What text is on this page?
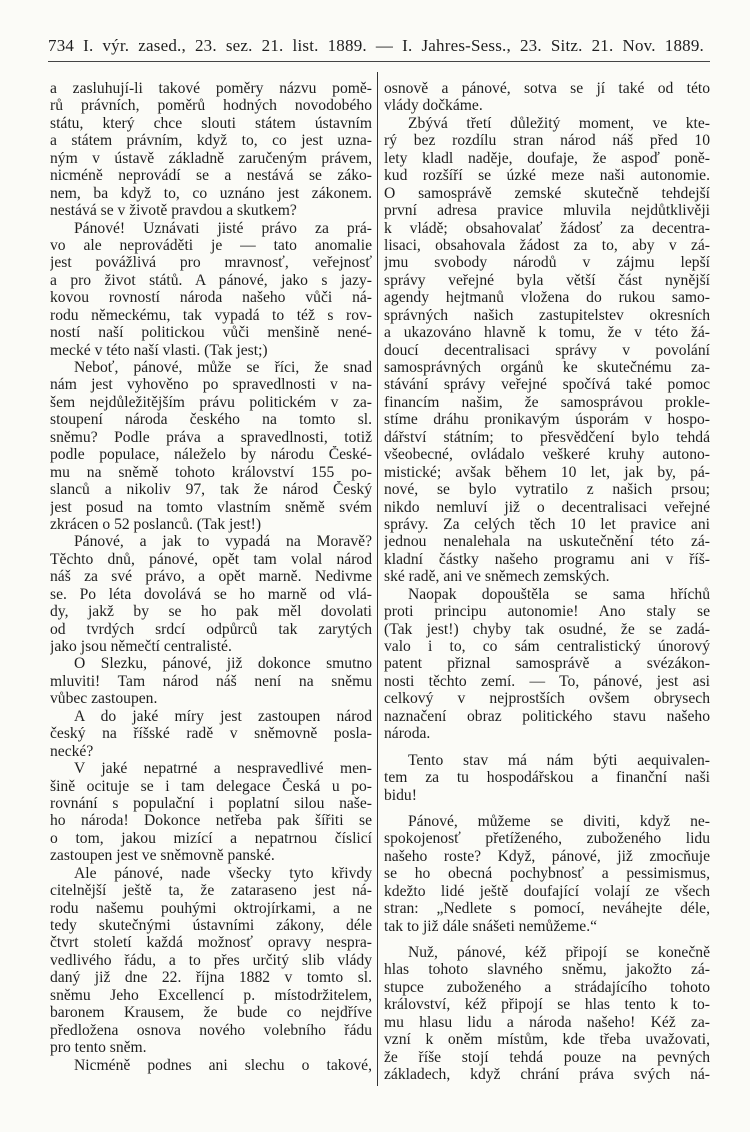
734 I. výr. zased., 23. sez. 21. list. 1889. — I. Jahres-Sess., 23. Sitz. 21. Nov. 1889.
a zasluhují-li takové poměry názvu pomě-
rů právních, poměrů hodných novodobého
státu, který chce slouti státem ústavním
a státem právním, když to, co jest uzna-
ným v ústavě základně zaručeným právem,
nicméně neprovádí se a nestává se záko-
nem, ba když to, co uznáno jest zákonem.
nestává se v životě pravdou a skutkem?
Pánové! Uznávati jisté právo za prá-
vo ale neprováděti je — tato anomalie
jest povážlivá pro mravnosť, veřejnosť
a pro život států. A pánové, jako s jazy-
kovou rovností národa našeho vůči ná-
rodu německému, tak vypadá to též s rov-
ností naší politickou vůči menšině nené-
mecké v této naší vlasti. (Tak jest;)
Neboť, pánové, může se říci, že snad
nám jest vyhověno po spravedlnosti v na-
šem nejdůležitějším právu politickém v za-
stoupení národa českého na tomto sl.
sněmu? Podle práva a spravedlnosti, totiž
podle populace, náleželo by národu České-
mu na sněmě tohoto království 155 po-
slanců a nikoliv 97, tak že národ Český
jest posud na tomto vlastním sněmě svém
zkrácen o 52 poslanců. (Tak jest!)
Pánové, a jak to vypadá na Moravě?
Těchto dnů, pánové, opět tam volal národ
náš za své právo, a opět marně. Nedivme
se. Po léta dovolává se ho marně od vlá-
dy, jakž by se ho pak měl dovolati
od tvrdých srdcí odpůrců tak zarytých
jako jsou němečtí centralisté.
O Slezku, pánové, již dokonce smutno
mluviti! Tam národ náš není na sněmu
vůbec zastoupen.
A do jaké míry jest zastoupen národ
český na říšské radě v sněmovně posla-
necké?
V jaké nepatrné a nespravedlivé men-
šině ocituje se i tam delegace Česká u po-
rovnání s populační i poplatní silou naše-
ho národa! Dokonce netřeba pak šířiti se
o tom, jakou mizící a nepatrnou číslicí
zastoupen jest ve sněmovně panské.
Ale pánové, nade všecky tyto křivdy
citelnější ještě ta, že zataraseno jest ná-
rodu našemu pouhými oktrojírkami, a ne
tedy skutečnými ústavními zákony, déle
čtvrt století každá možnosť opravy nespra-
vedlivého řádu, a to přes určitý slib vlády
daný již dne 22. října 1882 v tomto sl.
sněmu Jeho Excellencí p. místodržitelem,
baronem Krausem, že bude co nejdříve
předložena osnova nového volebního řádu
pro tento sněm.
Nicméně podnes ani slechu o takové,
osnově a pánové, sotva se jí také od této
vlády dočkáme.
Zbývá třetí důležitý moment, ve kte-
rý bez rozdílu stran národ náš před 10
lety kladl naděje, doufaje, že aspoď poně-
kud rozšíří se úzké meze naši autonomie.
O samosprávě zemské skutečně tehdejší
první adresa pravice mluvila nejdůtklivěji
k vládě; obsahovalať žádosť za decentra-
lisaci, obsahovala žádost za to, aby v zá-
jmu svobody národů v zájmu lepší
správy veřejné byla větší část nynější
agendy hejtmanů vložena do rukou samo-
správných našich zastupitelstev okresních
a ukazováno hlavně k tomu, že v této žá-
doucí decentralisaci správy v povolání
samosprávných orgánů ke skutečnému za-
stávání správy veřejné spočívá také pomoc
financím našim, že samosprávou prokle-
stíme dráhu pronikavým úsporám v hospo-
dářství státním; to přesvědčení bylo tehdá
všeobecné, ovládalo veškeré kruhy autono-
mistické; avšak během 10 let, jak by, pá-
nové, se bylo vytratilo z našich prsou;
nikdo nemluví již o decentralisaci veřejné
správy. Za celých těch 10 let pravice ani
jednou nenalehala na uskutečnění této zá-
kladní částky našeho programu ani v říš-
ské radě, ani ve sněmech zemských.
Naopak dopouštěla se sama hříchů
proti principu autonomie! Ano staly se
(Tak jest!) chyby tak osudné, že se zadá-
valo i to, co sám centralistický únorový
patent přiznal samosprávě a svézákon-
nosti těchto zemí. — To, pánové, jest asi
celkový v nejprostších ovšem obrysech
naznačení obraz politického stavu našeho
národa.
Tento stav má nám býti aequivalen-
tem za tu hospodářskou a finanční naši
bidu!
Pánové, můžeme se diviti, když ne-
spokojenosť přetíženého, zuboženého lidu
našeho roste? Když, pánové, již zmocňuje
se ho obecná pochybnosť a pessimismus,
kdežto lidé ještě doufající volají ze všech
stran: „Nedlete s pomocí, neváhejte déle,
tak to již dále snášeti nemůžeme.“
Nuž, pánové, kéž připojí se konečně
hlas tohoto slavného sněmu, jakožto zá-
stupce zuboženého a strádajícího tohoto
království, kéž připojí se hlas tento k to-
mu hlasu lidu a národa našeho! Kéž za-
vzní k oněm místům, kde třeba uvažovati,
že říše stojí tehdá pouze na pevných
základech, když chrání práva svých ná-
